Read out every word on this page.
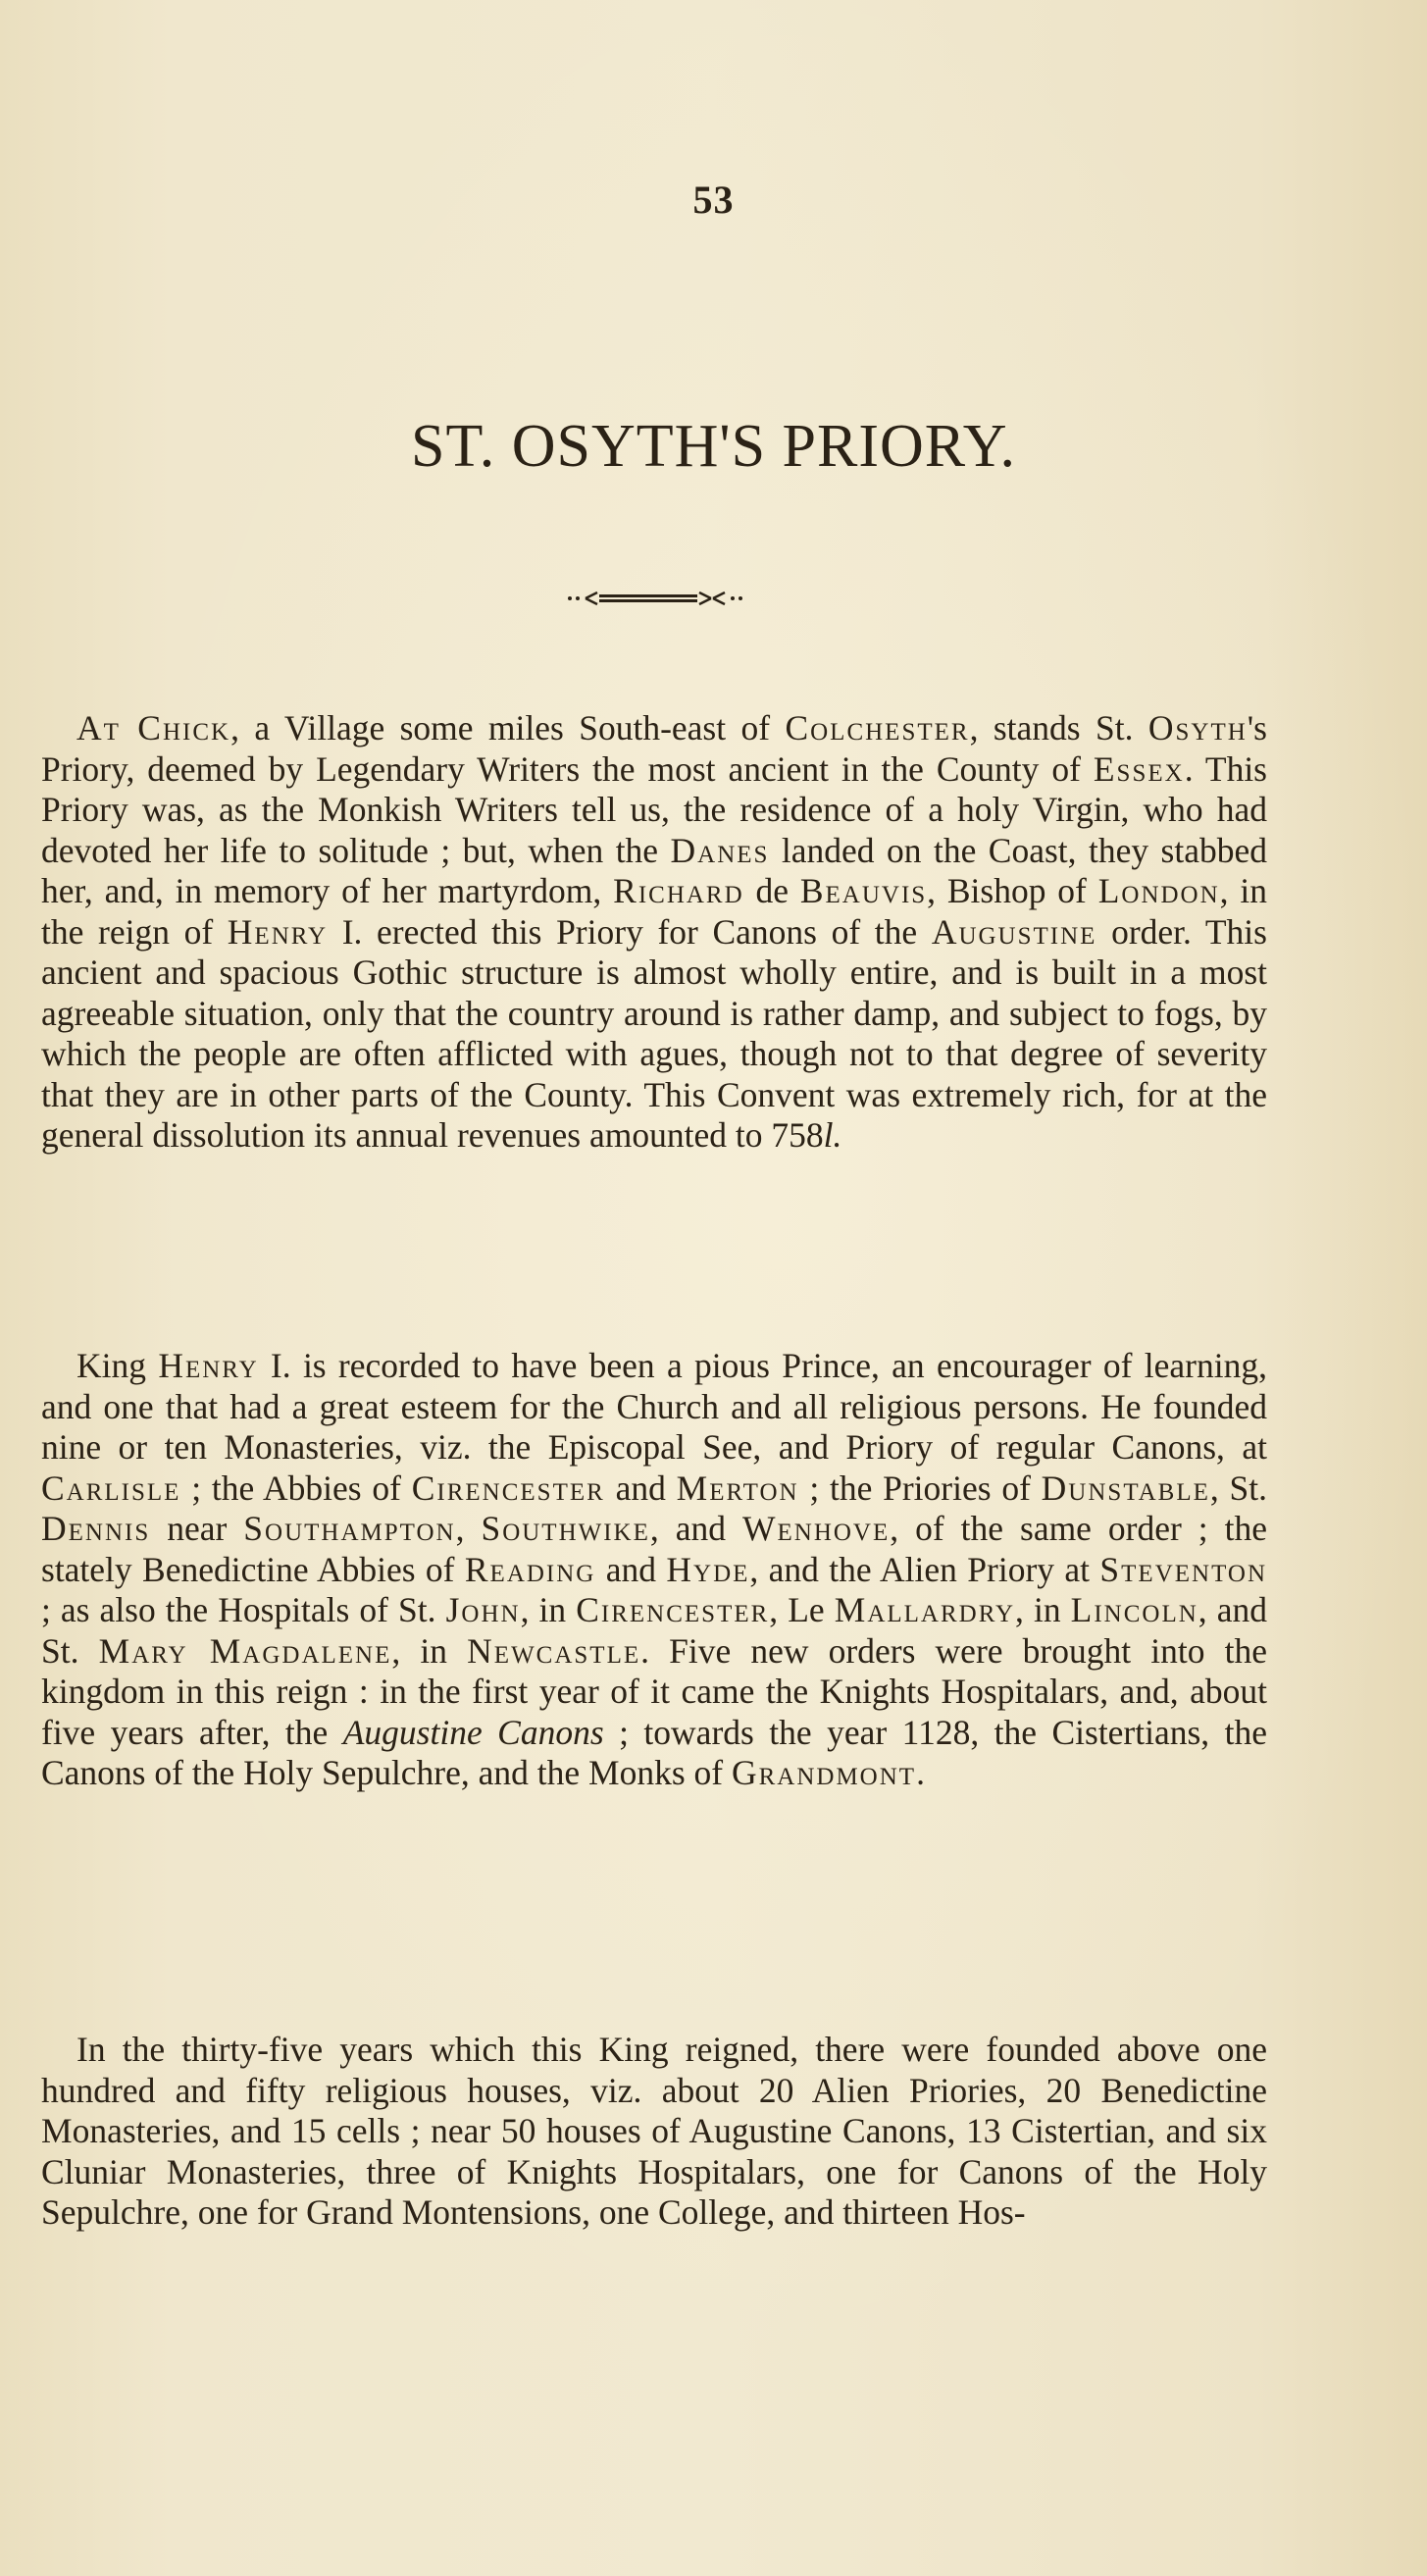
53
ST. OSYTH'S PRIORY.

At Chick, a Village some miles South-east of Colchester, stands St. Osyth's Priory, deemed by Legendary Writers the most ancient in the County of Essex. This Priory was, as the Monkish Writers tell us, the residence of a holy Virgin, who had devoted her life to solitude ; but, when the Danes landed on the Coast, they stabbed her, and, in memory of her martyrdom, Richard de Beauvis, Bishop of London, in the reign of Henry I. erected this Priory for Canons of the Augustine order. This ancient and spacious Gothic structure is almost wholly entire, and is built in a most agreeable situation, only that the country around is rather damp, and subject to fogs, by which the people are often afflicted with agues, though not to that degree of severity that they are in other parts of the County. This Convent was extremely rich, for at the general dissolution its annual revenues amounted to 758l.

King Henry I. is recorded to have been a pious Prince, an encourager of learning, and one that had a great esteem for the Church and all religious persons. He founded nine or ten Monasteries, viz. the Episcopal See, and Priory of regular Canons, at Carlisle ; the Abbies of Cirencester and Merton ; the Priories of Dunstable, St. Dennis near Southampton, Southwike, and Wenhove, of the same order ; the stately Benedictine Abbies of Reading and Hyde, and the Alien Priory at Steventon ; as also the Hospitals of St. John, in Cirencester, Le Mallardry, in Lincoln, and St. Mary Magdalene, in Newcastle. Five new orders were brought into the kingdom in this reign : in the first year of it came the Knights Hospitalars, and, about five years after, the Augustine Canons ; towards the year 1128, the Cistertians, the Canons of the Holy Sepulchre, and the Monks of Grandmont.

In the thirty-five years which this King reigned, there were founded above one hundred and fifty religious houses, viz. about 20 Alien Priories, 20 Benedictine Monasteries, and 15 cells ; near 50 houses of Augustine Canons, 13 Cistertian, and six Cluniar Monasteries, three of Knights Hospitalars, one for Canons of the Holy Sepulchre, one for Grand Montensions, one College, and thirteen Hos-
